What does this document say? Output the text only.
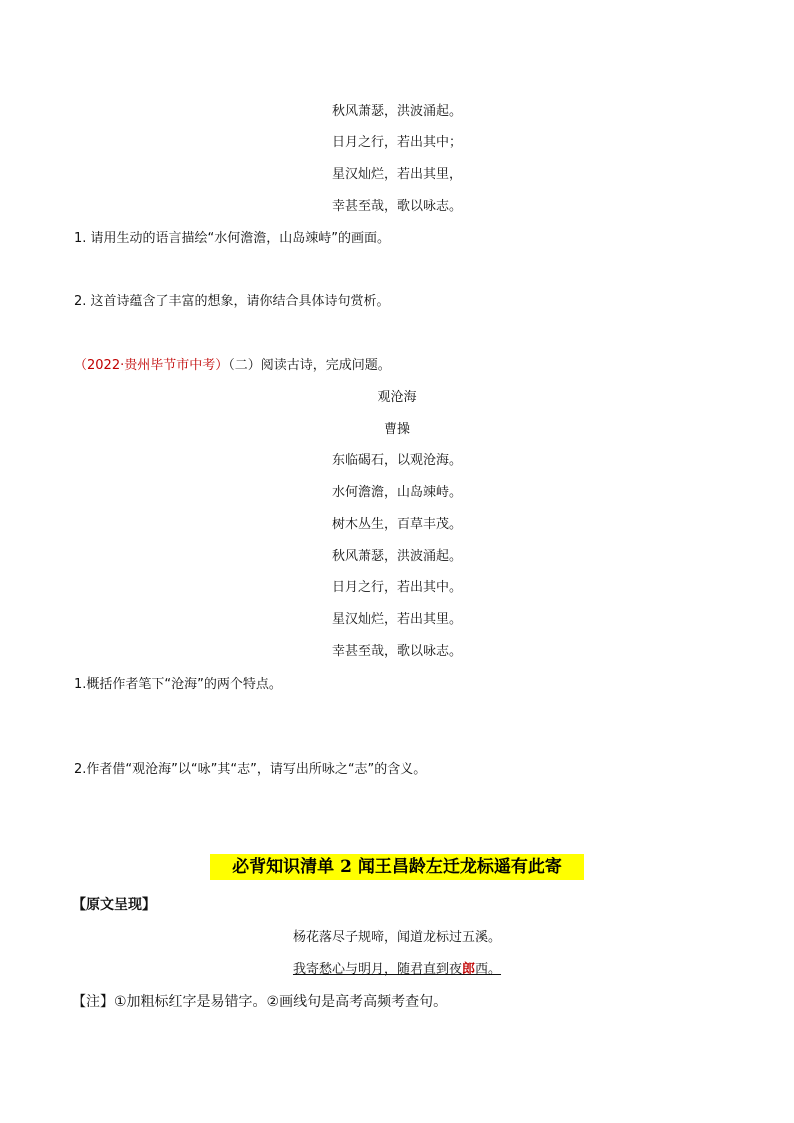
秋风萧瑟，洪波涌起。
日月之行，若出其中；
星汉灿烂，若出其里，
幸甚至哉，歌以咏志。
1. 请用生动的语言描绘“水何澹澹，山岛竦峙”的画面。
2. 这首诗蕴含了丰富的想象，请你结合具体诗句赏析。
（2022·贵州毕节市中考）（二）阅读古诗，完成问题。
观沧海
曹操
东临碣石，以观沧海。
水何澹澹，山岛竦峙。
树木丛生，百草丰茂。
秋风萧瑟，洪波涌起。
日月之行，若出其中。
星汉灿烂，若出其里。
幸甚至哉，歌以咏志。
1.概括作者笔下“沧海”的两个特点。
2.作者借“观沧海”以“咏”其“志”，请写出所咏之“志”的含义。
必背知识清单 2 闻王昌龄左迁龙标遥有此寄
【原文呈现】
杨花落尽子规啼，闻道龙标过五溪。
我寄愁心与明月，随君直到夜郎西。
【注】①加粗标红字是易错字。②画线句是高考高频考查句。
